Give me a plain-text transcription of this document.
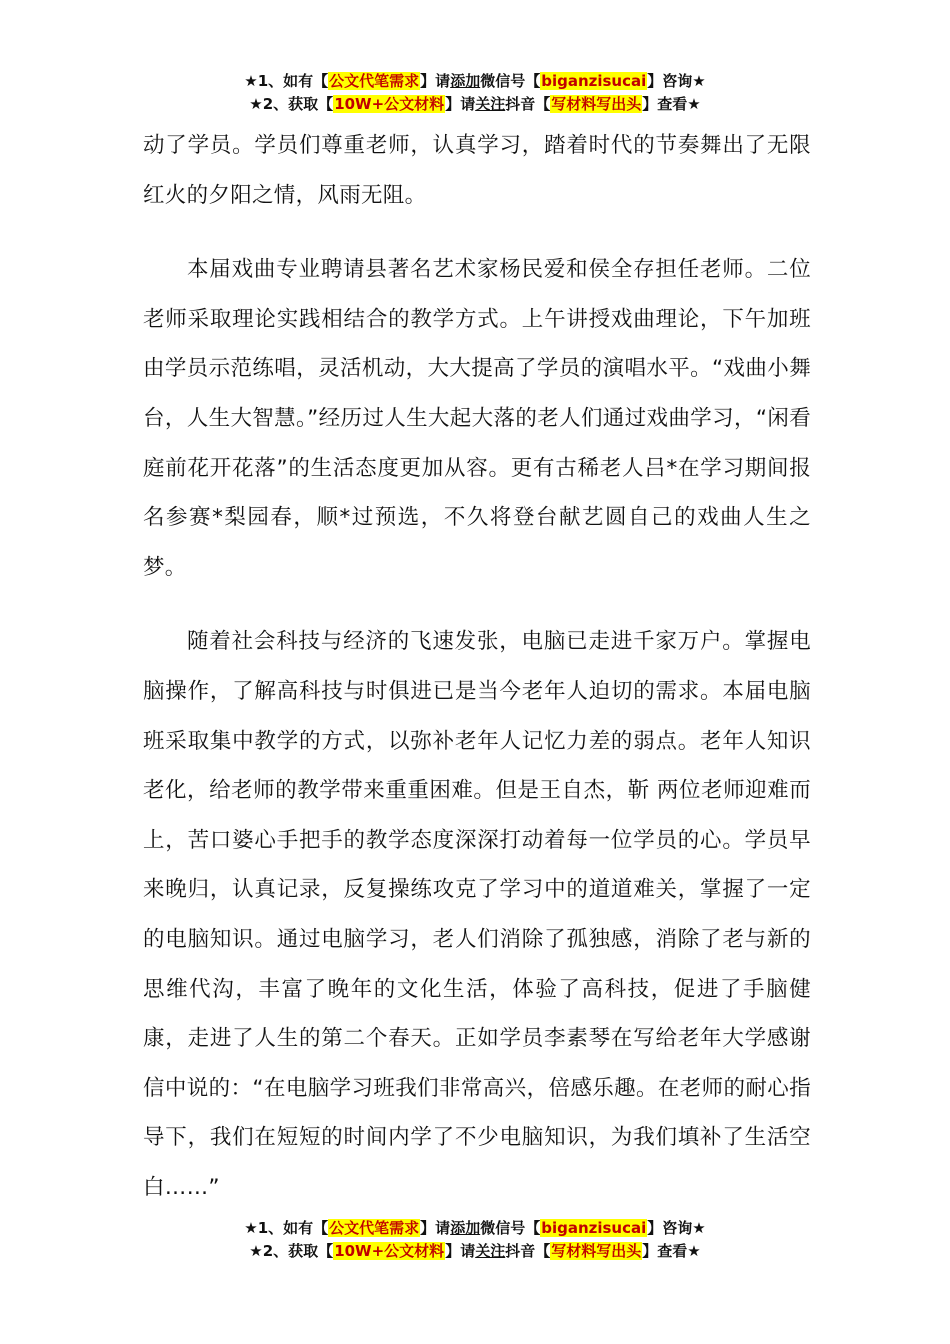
★1、如有【公文代笔需求】请添加微信号【biganzisucai】咨询★
★2、获取【10W+公文材料】请关注抖音【写材料写出头】查看★

动了学员。学员们尊重老师，认真学习，踏着时代的节奏舞出了无限红火的夕阳之情，风雨无阻。

本届戏曲专业聘请县著名艺术家杨民爱和侯全存担任老师。二位老师采取理论实践相结合的教学方式。上午讲授戏曲理论，下午加班由学员示范练唱，灵活机动，大大提高了学员的演唱水平。“戏曲小舞台，人生大智慧。”经历过人生大起大落的老人们通过戏曲学习，“闲看庭前花开花落”的生活态度更加从容。更有古稀老人吕*在学习期间报名参赛*梨园春，顺*过预选，不久将登台献艺圆自己的戏曲人生之梦。

随着社会科技与经济的飞速发张，电脑已走进千家万户。掌握电脑操作，了解高科技与时俱进已是当今老年人迫切的需求。本届电脑班采取集中教学的方式，以弥补老年人记忆力差的弱点。老年人知识老化，给老师的教学带来重重困难。但是王自杰，靳 两位老师迎难而上，苦口婆心手把手的教学态度深深打动着每一位学员的心。学员早来晚归，认真记录，反复操练攻克了学习中的道道难关，掌握了一定的电脑知识。通过电脑学习，老人们消除了孤独感，消除了老与新的思维代沟，丰富了晚年的文化生活，体验了高科技，促进了手脑健康，走进了人生的第二个春天。正如学员李素琴在写给老年大学感谢信中说的：“在电脑学习班我们非常高兴，倍感乐趣。在老师的耐心指导下，我们在短短的时间内学了不少电脑知识，为我们填补了生活空白……”

★1、如有【公文代笔需求】请添加微信号【biganzisucai】咨询★
★2、获取【10W+公文材料】请关注抖音【写材料写出头】查看★
